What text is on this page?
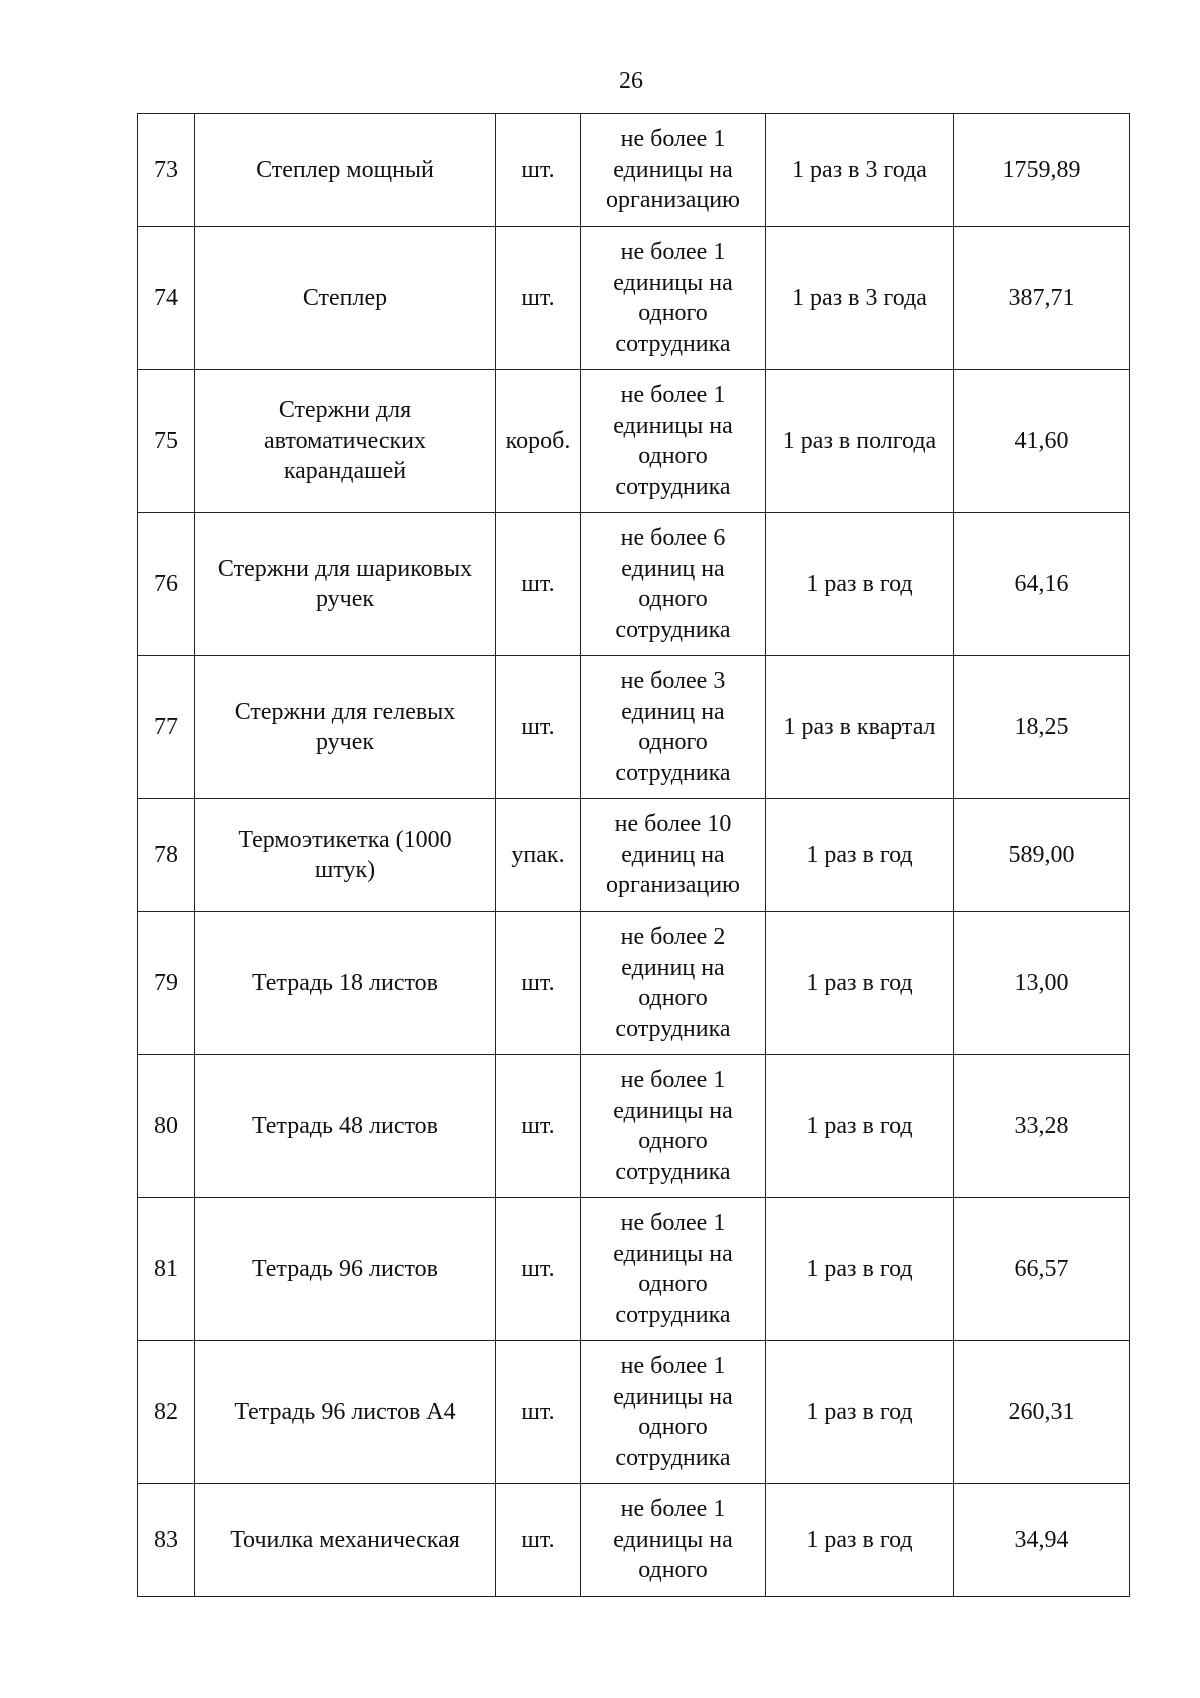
26
73	Степлер мощный	шт.	не более 1
единицы на
организацию	1 раз в 3 года	1759,89
74	Степлер	шт.	не более 1
единицы на
одного
сотрудника	1 раз в 3 года	387,71
75	Стержни для
автоматических
карандашей	короб.	не более 1
единицы на
одного
сотрудника	1 раз в полгода	41,60
76	Стержни для шариковых
ручек	шт.	не более 6
единиц на
одного
сотрудника	1 раз в год	64,16
77	Стержни для гелевых
ручек	шт.	не более 3
единиц на
одного
сотрудника	1 раз в квартал	18,25
78	Термоэтикетка (1000
штук)	упак.	не более 10
единиц на
организацию	1 раз в год	589,00
79	Тетрадь 18 листов	шт.	не более 2
единиц на
одного
сотрудника	1 раз в год	13,00
80	Тетрадь 48 листов	шт.	не более 1
единицы на
одного
сотрудника	1 раз в год	33,28
81	Тетрадь 96 листов	шт.	не более 1
единицы на
одного
сотрудника	1 раз в год	66,57
82	Тетрадь 96 листов А4	шт.	не более 1
единицы на
одного
сотрудника	1 раз в год	260,31
83	Точилка механическая	шт.	не более 1
единицы на
одного	1 раз в год	34,94
